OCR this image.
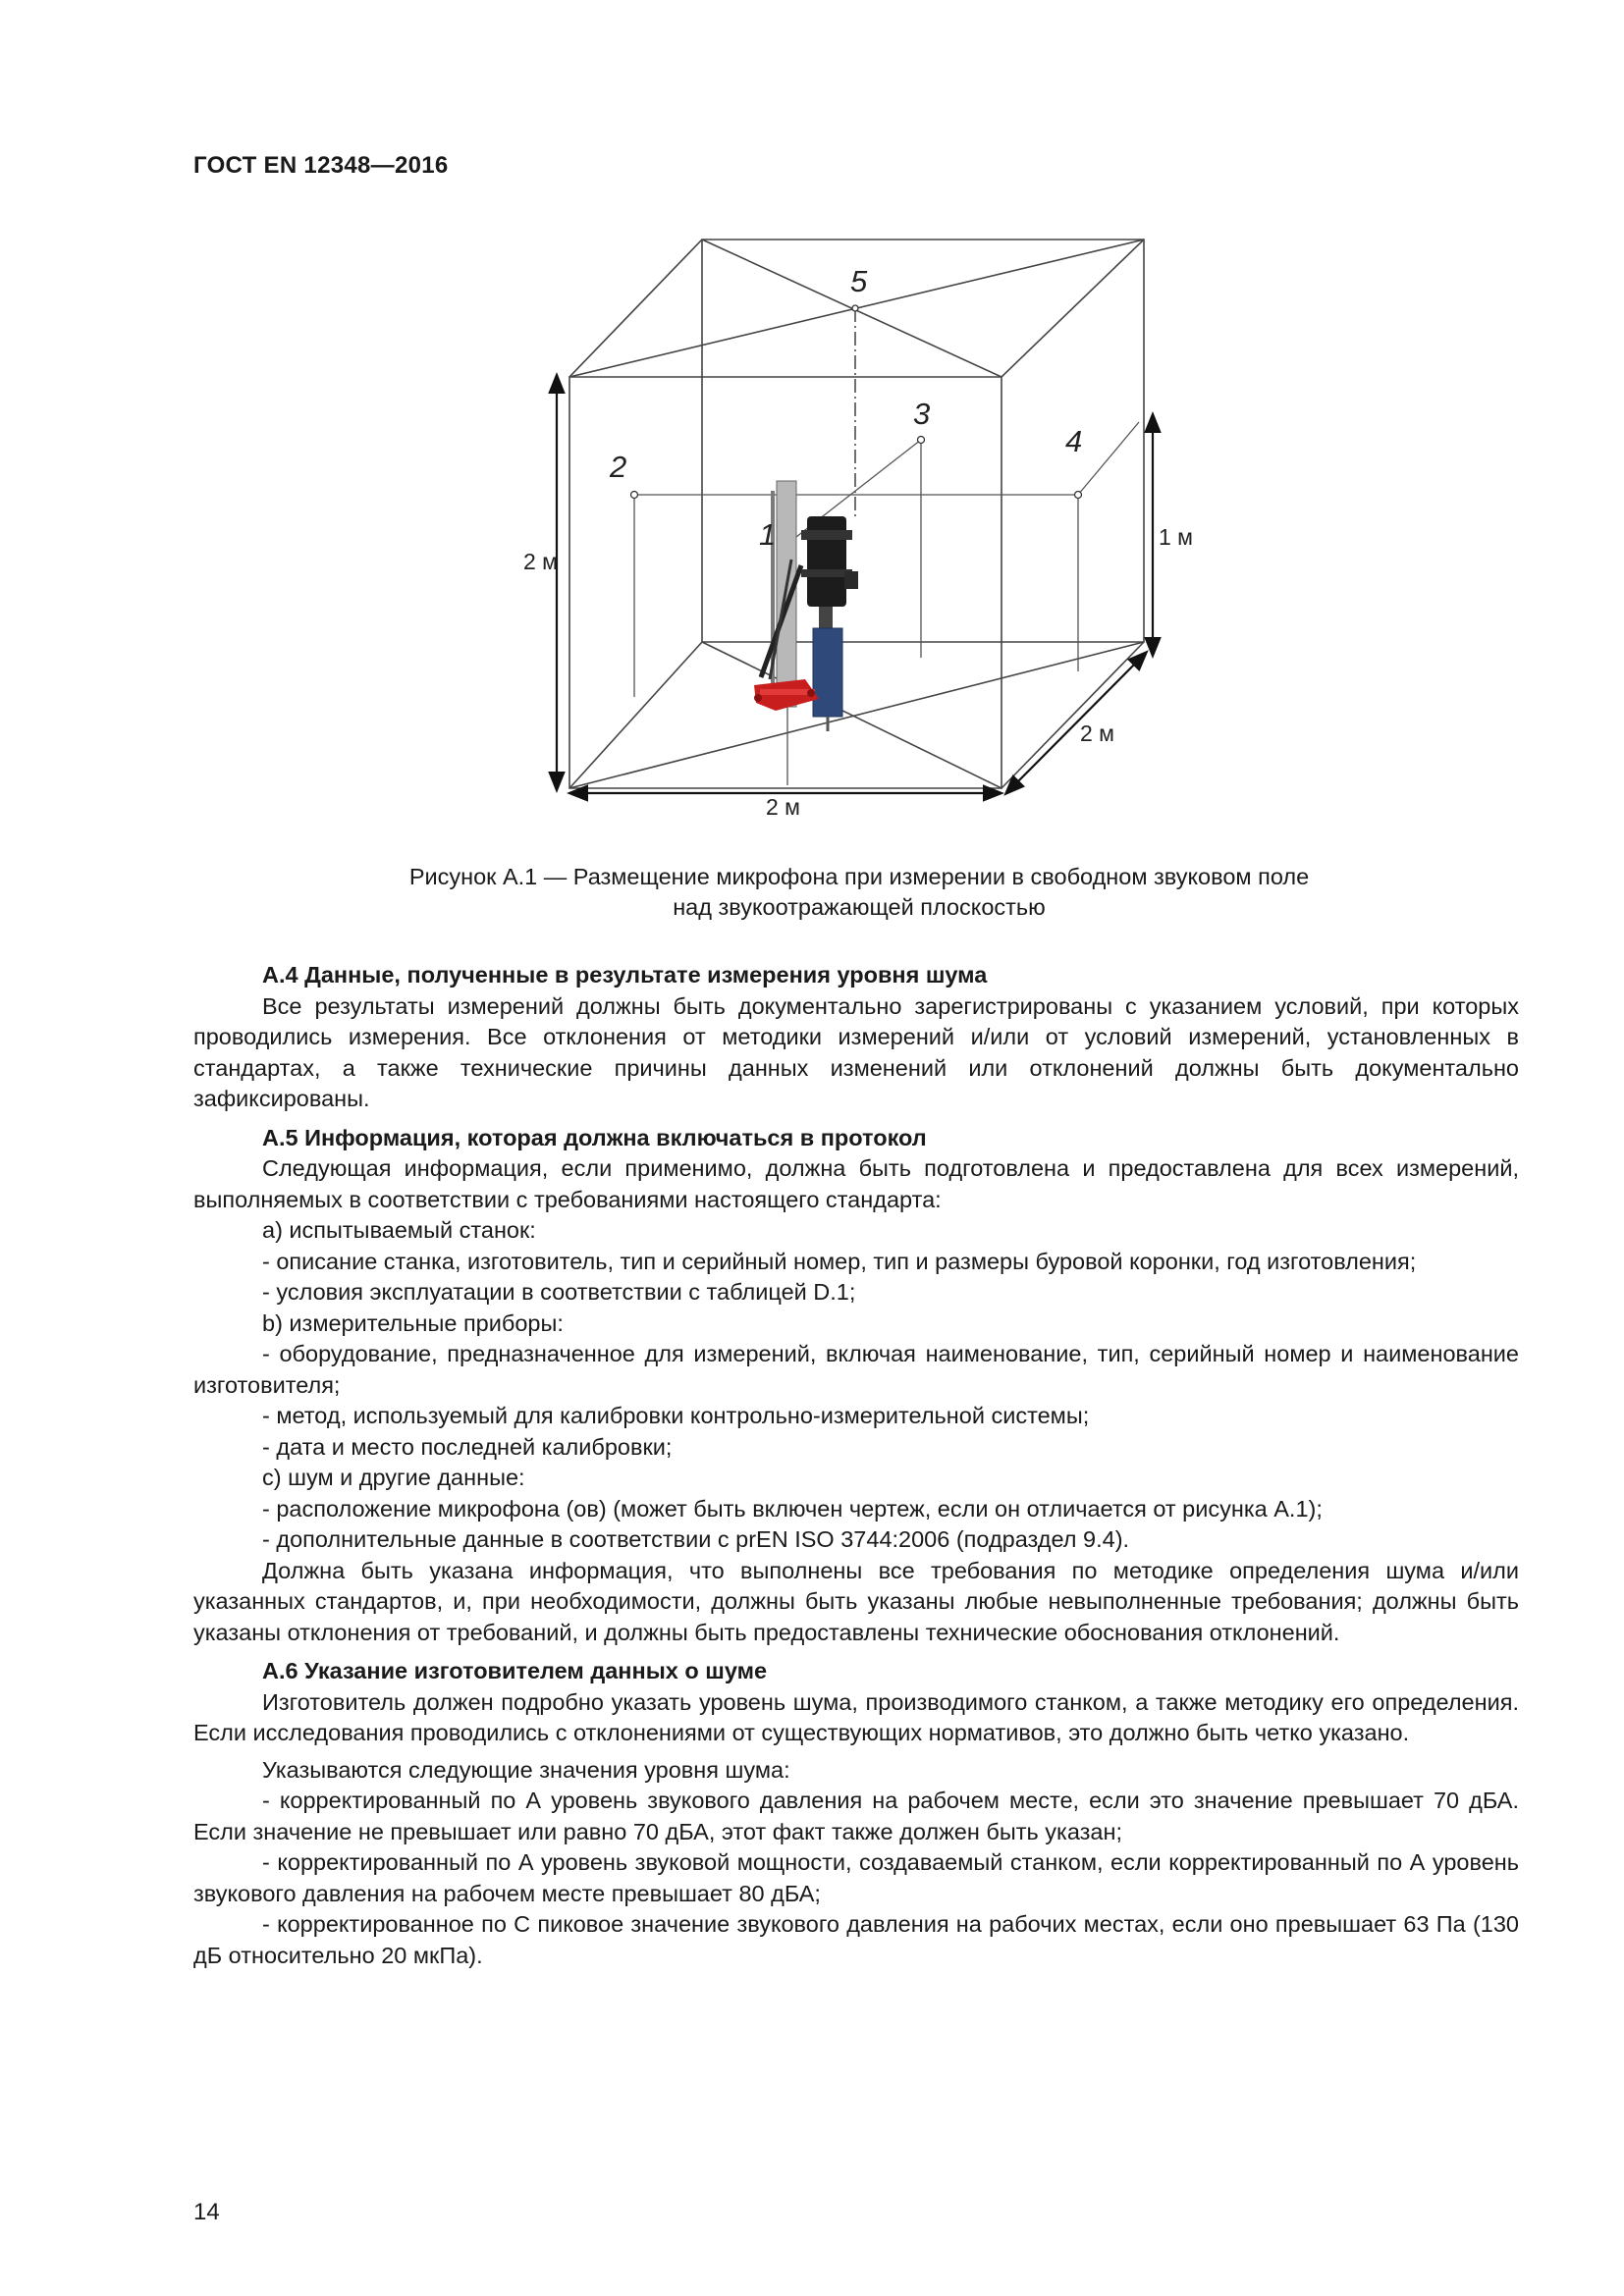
ГОСТ EN 12348—2016
5
3
4
2
1
2 м
2 м
2 м
1 м
Рисунок А.1 — Размещение микрофона при измерении в свободном звуковом поле
над звукоотражающей плоскостью

А.4 Данные, полученные в результате измерения уровня шума

Все результаты измерений должны быть документально зарегистрированы с указанием условий, при которых проводились измерения. Все отклонения от методики измерений и/или от условий измерений, установленных в стандартах, а также технические причины данных изменений или отклонений должны быть документально зафиксированы.

А.5 Информация, которая должна включаться в протокол

Следующая информация, если применимо, должна быть подготовлена и предоставлена для всех измерений, выполняемых в соответствии с требованиями настоящего стандарта:

a) испытываемый станок:

- описание станка, изготовитель, тип и серийный номер, тип и размеры буровой коронки, год изготовления;

- условия эксплуатации в соответствии с таблицей D.1;

b) измерительные приборы:

- оборудование, предназначенное для измерений, включая наименование, тип, серийный номер и наименование изготовителя;

- метод, используемый для калибровки контрольно-измерительной системы;

- дата и место последней калибровки;

c) шум и другие данные:

- расположение микрофона (ов) (может быть включен чертеж, если он отличается от рисунка А.1);

- дополнительные данные в соответствии с prEN ISO 3744:2006 (подраздел 9.4).

Должна быть указана информация, что выполнены все требования по методике определения шума и/или указанных стандартов, и, при необходимости, должны быть указаны любые невыполненные требования; должны быть указаны отклонения от требований, и должны быть предоставлены технические обоснования отклонений.

А.6 Указание изготовителем данных о шуме

Изготовитель должен подробно указать уровень шума, производимого станком, а также методику его определения. Если исследования проводились с отклонениями от существующих нормативов, это должно быть четко указано.

Указываются следующие значения уровня шума:

- корректированный по А уровень звукового давления на рабочем месте, если это значение превышает 70 дБА. Если значение не превышает или равно 70 дБА, этот факт также должен быть указан;

- корректированный по А уровень звуковой мощности, создаваемый станком, если корректированный по А уровень звукового давления на рабочем месте превышает 80 дБА;

- корректированное по C пиковое значение звукового давления на рабочих местах, если оно превышает 63 Па (130 дБ относительно 20 мкПа).

14
